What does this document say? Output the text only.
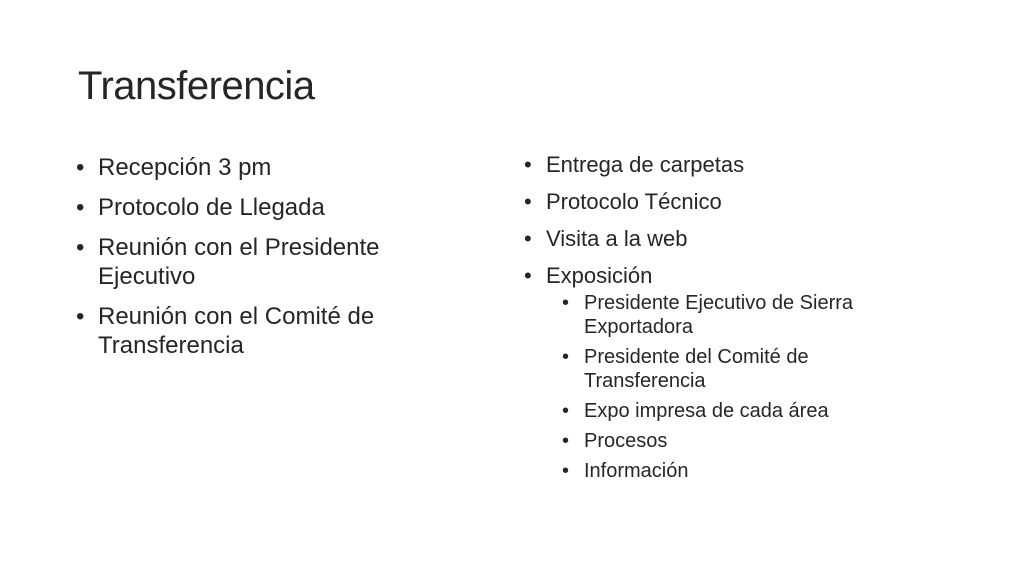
Transferencia
• Recepción 3 pm
• Protocolo de Llegada
• Reunión con el Presidente Ejecutivo
• Reunión con el Comité de Transferencia
• Entrega de carpetas
• Protocolo Técnico
• Visita a la web
• Exposición
• Presidente Ejecutivo de Sierra Exportadora
• Presidente del Comité de Transferencia
• Expo impresa de cada área
• Procesos
• Información
